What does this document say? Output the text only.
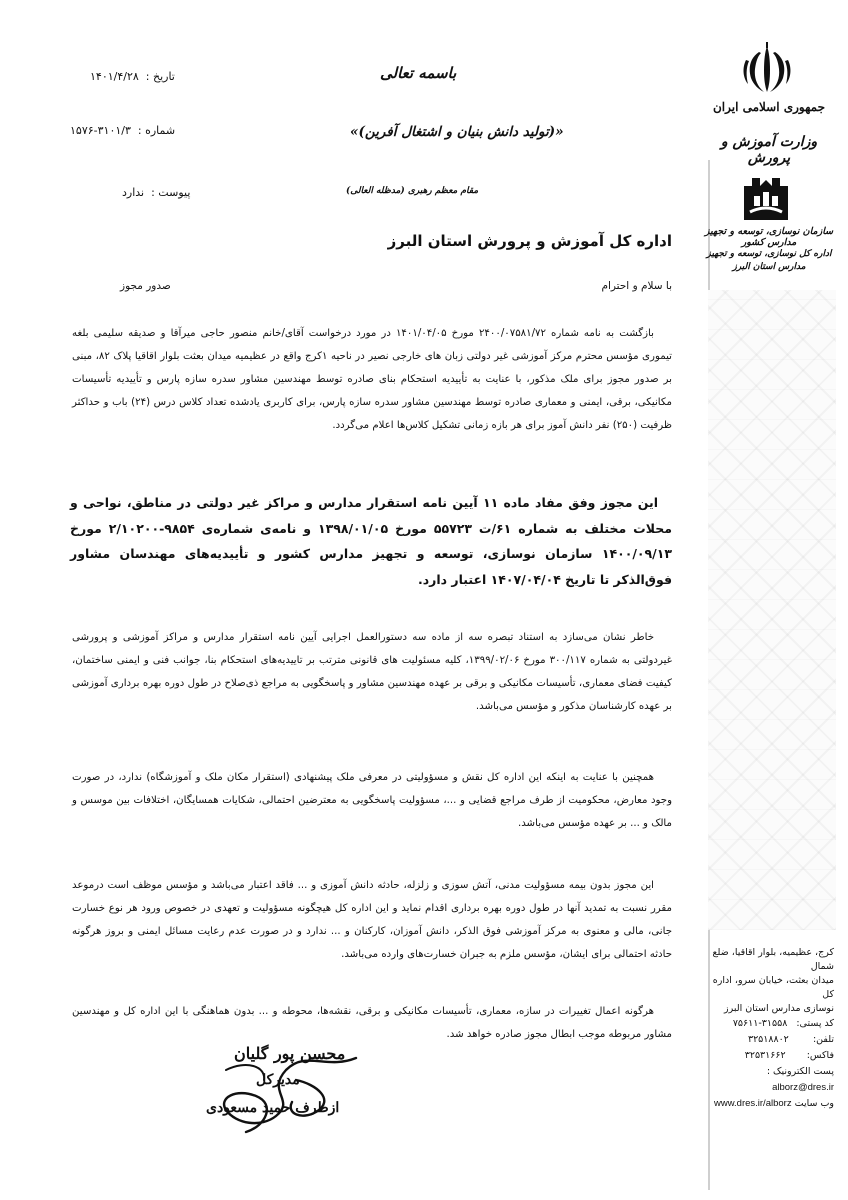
جمهوری اسلامی ایران
وزارت آموزش و پرورش
سازمان نوسازی، توسعه و تجهیز مدارس کشور
اداره کل نوسازی، توسعه و تجهیز مدارس استان البرز
کرج، عظیمیه، بلوار اقاقیا، ضلع شمال
میدان بعثت، خیابان سرو، اداره کل
نوسازی مدارس استان البرز
کد پستی:   ۳۱۵۵۸-۷۵۶۱۱
تلفن:        ۳۲۵۱۸۸۰۲
فاکس:       ۳۲۵۳۱۶۶۲
پست الکترونیک : alborz@dres.ir
وب سایت www.dres.ir/alborz
باسمه تعالی
«(تولید دانش بنیان و اشتغال آفرین)»
مقام معظم رهبری (مدظله العالی)
تاریخ :  ۱۴۰۱/۴/۲۸
شماره :  ۳۱۰۱/۳-۱۵۷۶
پیوست :  ندارد
اداره کل آموزش و پرورش استان البرز
با سلام و احترام
صدور مجوز
بازگشت به نامه شماره ۲۴۰۰/۰۷۵۸۱/۷۲ مورخ ۱۴۰۱/۰۴/۰۵ در مورد درخواست آقای/خانم منصور حاجی میرآقا و صدیقه سلیمی بلغه تیموری مؤسس محترم مرکز آموزشی غیر دولتی زبان های خارجی نصیر در ناحیه ۱کرج واقع در عظیمیه میدان بعثت بلوار اقاقیا پلاک ۸۲، مبنی بر صدور مجوز برای ملک مذکور، با عنایت به تأییدیه استحکام بنای صادره توسط مهندسین مشاور سدره سازه پارس و تأییدیه تأسیسات مکانیکی، برقی، ایمنی و معماری صادره توسط مهندسین مشاور سدره سازه پارس، برای کاربری یادشده تعداد کلاس درس (۲۴) باب و حداکثر ظرفیت (۲۵۰) نفر دانش آموز برای هر بازه زمانی تشکیل کلاس‌ها اعلام می‌گردد.
این مجوز وفق مفاد ماده ۱۱ آیین نامه استقرار مدارس و مراکز غیر دولتی در مناطق، نواحی و محلات مختلف به شماره ۶۱/ت ۵۵۷۲۳ مورخ ۱۳۹۸/۰۱/۰۵ و نامه‌ی شماره‌ی ۹۸۵۴-۲/۱۰۲۰۰ مورخ ۱۴۰۰/۰۹/۱۳ سازمان نوسازی، توسعه و تجهیز مدارس کشور و تأییدیه‌های مهندسان مشاور فوق‌الذکر تا تاریخ ۱۴۰۷/۰۴/۰۴ اعتبار دارد.
خاطر نشان می‌سازد به استناد تبصره سه از ماده سه دستورالعمل اجرایی آیین نامه استقرار مدارس و مراکز آموزشی و پرورشی غیردولتی به شماره ۳۰۰/۱۱۷ مورخ ۱۳۹۹/۰۲/۰۶، کلیه مسئولیت های قانونی مترتب بر تاییدیه‌های استحکام بنا، جوانب فنی و ایمنی ساختمان، کیفیت فضای معماری، تأسیسات مکانیکی و برقی بر عهده مهندسین مشاور و پاسخگویی به مراجع ذی‌صلاح در طول دوره بهره برداری آموزشی بر عهده کارشناسان مذکور و مؤسس می‌باشد.
همچنین با عنایت به اینکه این اداره کل نقش و مسؤولیتی در معرفی ملک پیشنهادی (استقرار مکان ملک و آموزشگاه) ندارد، در صورت وجود معارض، محکومیت از طرف مراجع قضایی و ...، مسؤولیت پاسخگویی به معترضین احتمالی، شکایات همسایگان، اختلافات بین موسس و مالک و ... بر عهده مؤسس می‌باشد.
این مجوز بدون بیمه مسؤولیت مدنی، آتش سوزی و زلزله، حادثه دانش آموزی و ... فاقد اعتبار می‌باشد و مؤسس موظف است درموعد مقرر نسبت به تمدید آنها در طول دوره بهره برداری اقدام نماید و این اداره کل هیچگونه مسؤولیت و تعهدی در خصوص ورود هر نوع خسارت جانی، مالی و معنوی به مرکز آموزشی فوق الذکر، دانش آموزان، کارکنان و ... ندارد و در صورت عدم رعایت مسائل ایمنی و بروز هرگونه حادثه احتمالی برای ایشان، مؤسس ملزم به جبران خسارت‌های وارده می‌باشد.
هرگونه اعمال تغییرات در سازه، معماری، تأسیسات مکانیکی و برقی، نقشه‌ها، محوطه و ... بدون هماهنگی با این اداره کل و مهندسین مشاور مربوطه موجب ابطال مجوز صادره خواهد شد.
محسن پور گلیان
مدیرکل
ازطرف حمید مسعودی
